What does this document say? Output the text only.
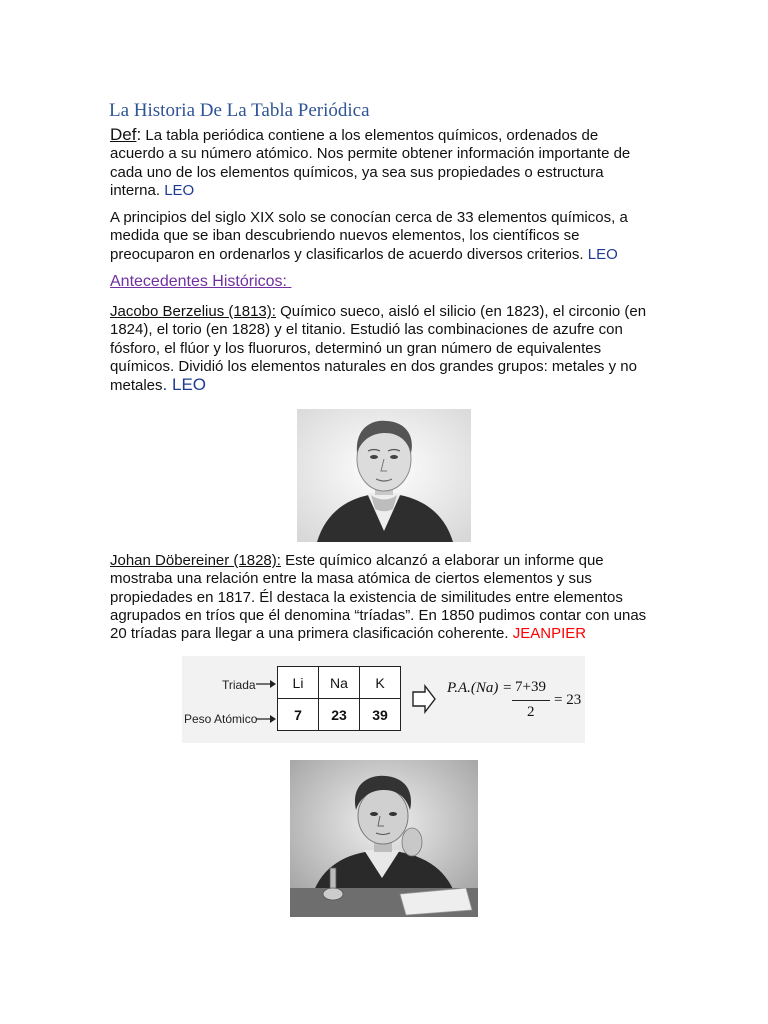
La Historia De La Tabla Periódica

Def: La tabla periódica contiene a los elementos químicos, ordenados de acuerdo a su número atómico. Nos permite obtener información importante de cada uno de los elementos químicos, ya sea sus propiedades o estructura interna. LEO

A principios del siglo XIX solo se conocían cerca de 33 elementos químicos, a medida que se iban descubriendo nuevos elementos, los científicos se preocuparon en ordenarlos y clasificarlos de acuerdo diversos criterios. LEO

Antecedentes Históricos:

Jacobo Berzelius (1813): Químico sueco, aisló el silicio (en 1823), el circonio (en 1824), el torio (en 1828) y el titanio. Estudió las combinaciones de azufre con fósforo, el flúor y los fluoruros, determinó un gran número de equivalentes químicos. Dividió los elementos naturales en dos grandes grupos: metales y no metales. LEO

Johan Döbereiner (1828): Este químico alcanzó a elaborar un informe que mostraba una relación entre la masa atómica de ciertos elementos y sus propiedades en 1817. Él destaca la existencia de similitudes entre elementos agrupados en tríos que él denomina “tríadas”. En 1850 pudimos contar con unas 20 tríadas para llegar a una primera clasificación coherente. JEANPIER

Triada
Peso Atómico
7+39
2
= 23
Li	Na	K
7	23	39
P.A.(Na) =
